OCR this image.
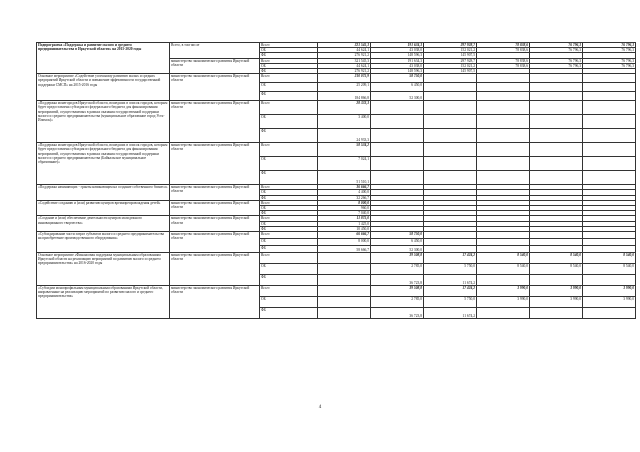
Подпрограмма «Поддержка и развитие малого и среднего предпринимательства в Иркутской области» на 2015-2020 годы	Всего, в том числе	Всего	321 545,3	191 634,3	297 928,7	78 838,6	76 796,3	76 796,3
		ОБ	44 624,1	43 038,0	152 021,2	78 838,6	76 796,3	76 796,3
		ФБ	276 921,2	148 596,3	145 907,5			
	министерство экономического развития Иркутской области	Всего	321 545,3	191 634,3	297 928,7	78 838,6	76 796,3	76 796,3
		ОБ	44 624,1	43 038,0	152 021,2	78 838,6	76 796,3	76 796,3
		ФБ	276 921,2	148 596,3	145 907,5			
Основное мероприятие «Содействие успешному развитию малых и средних предприятий Иркутской области и повышение эффективности государственной поддержки СМСП» на 2015-2016 годы	министерство экономического развития Иркутской области	Всего	210 075,9	58 750,0				
		ОБ	25 209,1	6 450,0				
		ФБ	184 866,8	52 300,0				
«Поддержка монегородов Иркутской области, вошедших в список городов, которым будет предоставлена субсидия из федерального бюджета для финансирования мероприятий, осуществляемых в рамках оказания государственной поддержки малого и среднего предпринимательства (муниципальное образование город Усть-Илимск)»	министерство экономического развития Иркутской области	Всего	28 333,3					
		ОБ	3 400,0					
		ФБ	24 933,3					
«Поддержка монегородов Иркутской области, вошедших в список городов, которым будет предоставлена субсидия из федерального бюджета для финансирования мероприятий, осуществляемых в рамках оказания государственной поддержки малого и среднего предпринимательства (Байкальское муниципальное образование)»	министерство экономического развития Иркутской области	Всего	58 534,2					
		ОБ	7 024,1					
		ФБ	51 510,1					
«Поддержка начинающих - гранты начинающим на создание собственного бизнеса»	министерство экономического развития Иркутской области	Всего	36 666,7					
		ОБ	4 400,0					
		ФБ	32 266,7					
«Содействие созданию и (или) развитию центров времяпрепровождения детей»	министерство экономического развития Иркутской области	Всего	8 000,0					
		ОБ	960,0					
		ФБ	7 040,0					
«Создание и (или) обеспечение деятельности центров молодежного инновационного творчества»	министерство экономического развития Иркутской области	Всего	11 875,0					
		ОБ	1 425,0					
		ФБ	10 450,0					
«Субсидирование части затрат субъектов малого и среднего предпринимательства на приобретение производственного оборудования»	министерство экономического развития Иркутской области	Всего	66 666,7	58 750,0				
		ОБ	8 000,0	6 450,0				
		ФБ	58 666,7	52 300,0				
Основное мероприятие «Финансовая поддержка муниципальным образованиям Иркутской области на реализацию мероприятий по развитию малого и среднего предпринимательства» на 2016-2020 годы	министерство экономического развития Иркутской области	Всего		39 508,8	17 424,2	8 540,0	8 540,0	8 540,0
		ОБ		2 785,0	5 750,0	8 540,0	8 540,0	8 540,0
		ФБ		36 723,8	11 674,2			
«Субсидии монопрофильным муниципальным образованиям Иркутской области, направленные на реализацию мероприятий по развитию малого и среднего предпринимательства»	министерство экономического развития Иркутской области	Всего		39 508,8	17 424,2	3 990,0	3 990,0	3 990,0
		ОБ		2 785,0	5 750,0	3 990,0	3 990,0	3 990,0
		ФБ		36 723,8	11 674,2			
4
